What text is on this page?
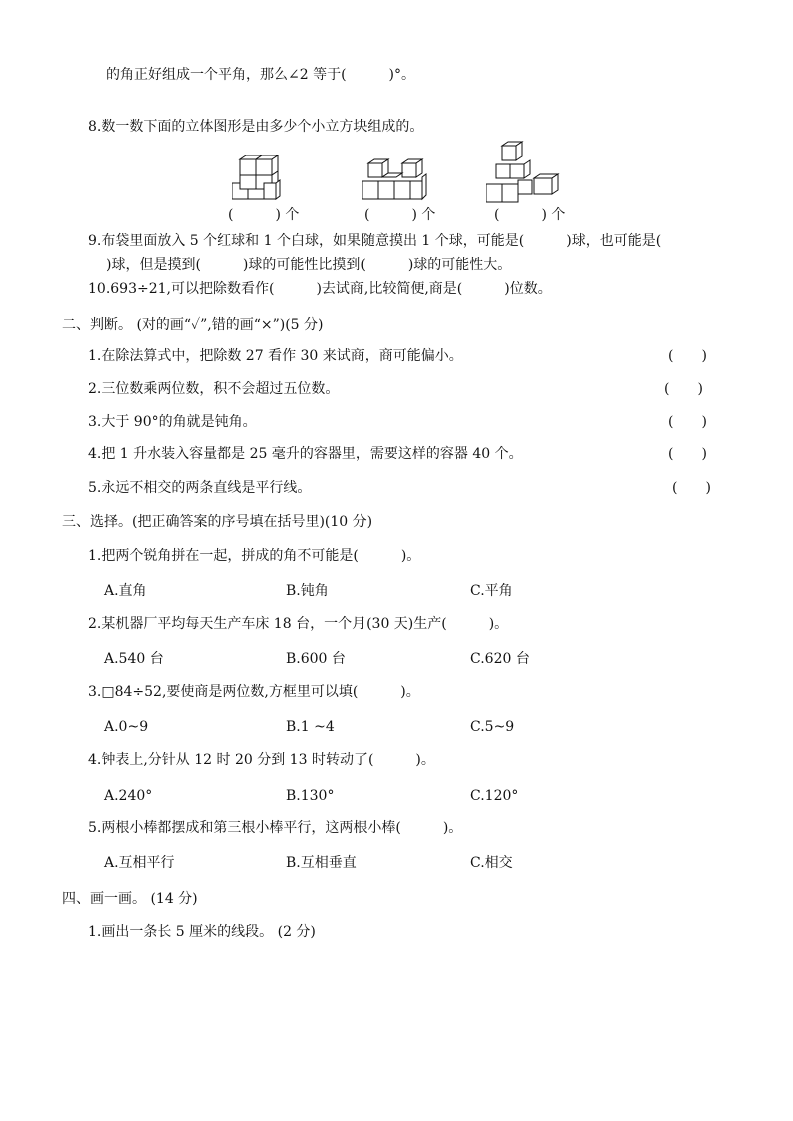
的角正好组成一个平角，那么∠2 等于(　　　)°。
8.数一数下面的立体图形是由多少个小立方块组成的。
(　　　) 个	(　　　) 个	(　　　) 个
9.布袋里面放入 5 个红球和 1 个白球，如果随意摸出 1 个球，可能是(　　　)球，也可能是(
)球，但是摸到(　　　)球的可能性比摸到(　　　)球的可能性大。
10.693÷21,可以把除数看作(　　　)去试商,比较简便,商是(　　　)位数。
二、判断。 (对的画“✓”,错的画“×”)(5 分)
1.在除法算式中，把除数 27 看作 30 来试商，商可能偏小。	(　　)
2.三位数乘两位数，积不会超过五位数。	(　　)
3.大于 90°的角就是钝角。	(　　)
4.把 1 升水装入容量都是 25 毫升的容器里，需要这样的容器 40 个。	(　　)
5.永远不相交的两条直线是平行线。	(　　)
三、选择。(把正确答案的序号填在括号里)(10 分)
1.把两个锐角拼在一起，拼成的角不可能是(　　　)。
A.直角	B.钝角	C.平角
2.某机器厂平均每天生产车床 18 台，一个月(30 天)生产(　　　)。
A.540 台	B.600 台	C.620 台
3.□84÷52,要使商是两位数,方框里可以填(　　　)。
A.0~9	B.1 ~4	C.5~9
4.钟表上,分针从 12 时 20 分到 13 时转动了(　　　)。
A.240°	B.130°	C.120°
5.两根小棒都摆成和第三根小棒平行，这两根小棒(　　　)。
A.互相平行	B.互相垂直	C.相交
四、画一画。 (14 分)
1.画出一条长 5 厘米的线段。 (2 分)
